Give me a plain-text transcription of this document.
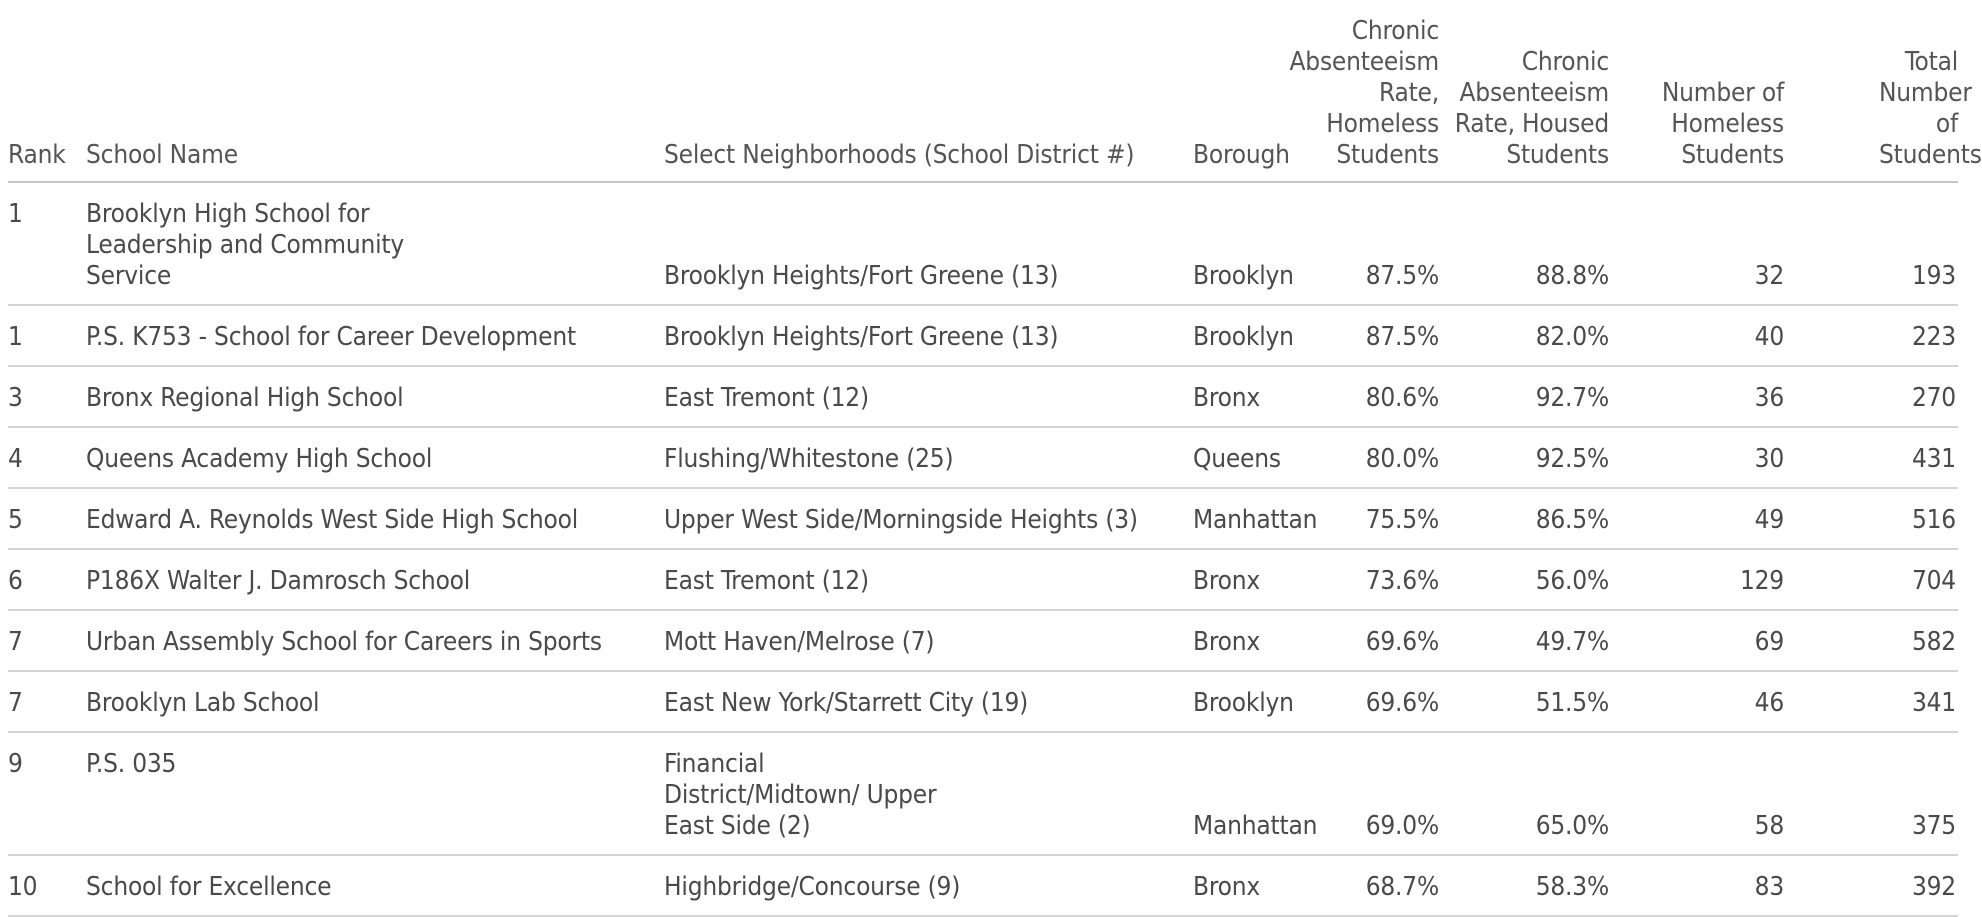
Rank	School Name	Select Neighborhoods (School District #)	Borough	Chronic Absenteeism Rate, Homeless Students	Chronic Absenteeism Rate, Housed Students	Number of Homeless Students	Total Number of Students

1	Brooklyn High School for Leadership and Community Service	Brooklyn Heights/Fort Greene (13)	Brooklyn	87.5%	88.8%	32	193
1	P.S. K753 - School for Career Development	Brooklyn Heights/Fort Greene (13)	Brooklyn	87.5%	82.0%	40	223
3	Bronx Regional High School	East Tremont (12)	Bronx	80.6%	92.7%	36	270
4	Queens Academy High School	Flushing/Whitestone (25)	Queens	80.0%	92.5%	30	431
5	Edward A. Reynolds West Side High School	Upper West Side/Morningside Heights (3)	Manhattan	75.5%	86.5%	49	516
6	P186X Walter J. Damrosch School	East Tremont (12)	Bronx	73.6%	56.0%	129	704
7	Urban Assembly School for Careers in Sports	Mott Haven/Melrose (7)	Bronx	69.6%	49.7%	69	582
7	Brooklyn Lab School	East New York/Starrett City (19)	Brooklyn	69.6%	51.5%	46	341
9	P.S. 035	Financial District/Midtown/ Upper East Side (2)	Manhattan	69.0%	65.0%	58	375
10	School for Excellence	Highbridge/Concourse (9)	Bronx	68.7%	58.3%	83	392
